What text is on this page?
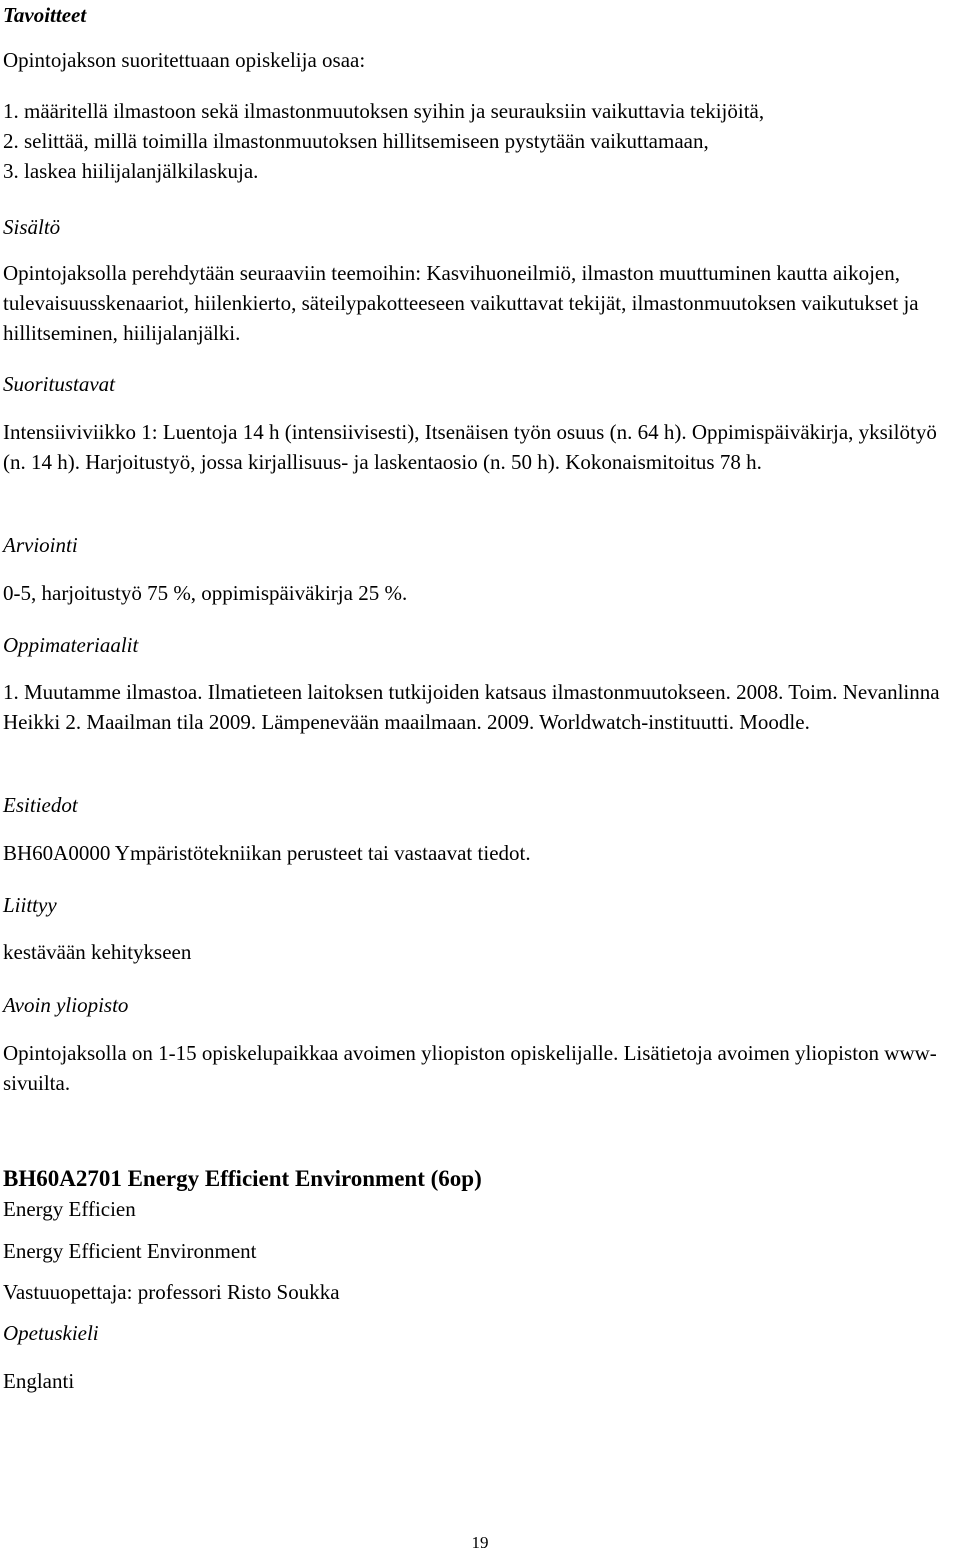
Tavoitteet

Opintojakson suoritettuaan opiskelija osaa:

1. määritellä ilmastoon sekä ilmastonmuutoksen syihin ja seurauksiin vaikuttavia tekijöitä,

2. selittää, millä toimilla ilmastonmuutoksen hillitsemiseen pystytään vaikuttamaan,

3. laskea hiilijalanjälkilaskuja.

Sisältö

Opintojaksolla perehdytään seuraaviin teemoihin: Kasvihuoneilmiö, ilmaston muuttuminen kautta aikojen, tulevaisuusskenaariot, hiilenkierto, säteilypakotteeseen vaikuttavat tekijät, ilmastonmuutoksen vaikutukset ja hillitseminen, hiilijalanjälki.

Suoritustavat

Intensiiviviikko 1: Luentoja 14 h (intensiivisesti), Itsenäisen työn osuus (n. 64 h). Oppimispäiväkirja, yksilötyö (n. 14 h). Harjoitustyö, jossa kirjallisuus- ja laskentaosio (n. 50 h). Kokonaismitoitus 78 h.

Arviointi

0-5, harjoitustyö 75 %, oppimispäiväkirja 25 %.

Oppimateriaalit

1. Muutamme ilmastoa. Ilmatieteen laitoksen tutkijoiden katsaus ilmastonmuutokseen. 2008. Toim. Nevanlinna Heikki 2. Maailman tila 2009. Lämpenevään maailmaan. 2009. Worldwatch-instituutti. Moodle.

Esitiedot

BH60A0000 Ympäristötekniikan perusteet tai vastaavat tiedot.

Liittyy

kestävään kehitykseen

Avoin yliopisto

Opintojaksolla on 1-15 opiskelupaikkaa avoimen yliopiston opiskelijalle. Lisätietoja avoimen yliopiston www-sivuilta.

BH60A2701 Energy Efficient Environment (6op)

Energy Efficien

Energy Efficient Environment

Vastuuopettaja: professori Risto Soukka

Opetuskieli

Englanti

19
